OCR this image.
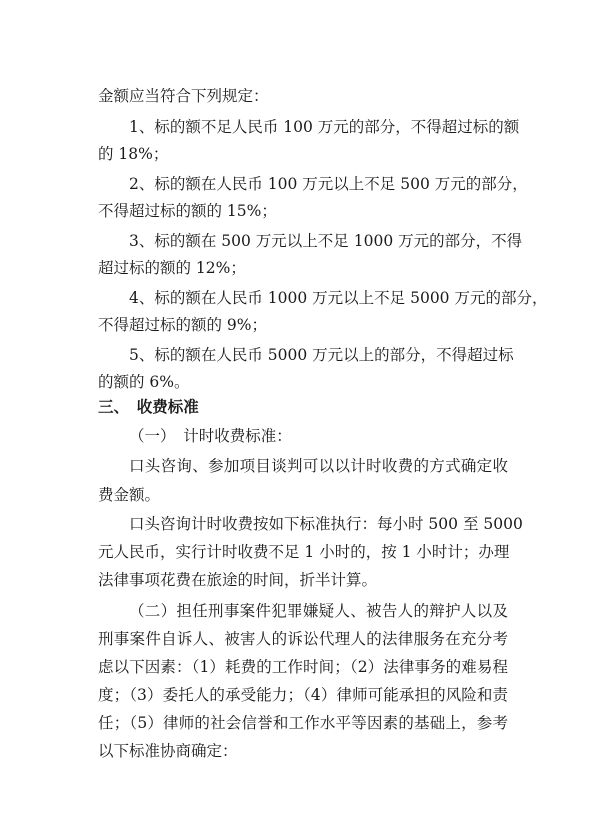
金额应当符合下列规定：
1、标的额不足人民币 100 万元的部分，不得超过标的额
的 18%；
2、标的额在人民币 100 万元以上不足 500 万元的部分，
不得超过标的额的 15%；
3、标的额在 500 万元以上不足 1000 万元的部分，不得
超过标的额的 12%；
4、标的额在人民币 1000 万元以上不足 5000 万元的部分，
不得超过标的额的 9%；
5、标的额在人民币 5000 万元以上的部分，不得超过标
的额的 6%。
三、　收费标准
（一）　计时收费标准：
口头咨询、参加项目谈判可以以计时收费的方式确定收
费金额。
口头咨询计时收费按如下标准执行：每小时 500 至 5000
元人民币，实行计时收费不足 1 小时的，按 1 小时计；办理
法律事项花费在旅途的时间，折半计算。
（二）担任刑事案件犯罪嫌疑人、被告人的辩护人以及
刑事案件自诉人、被害人的诉讼代理人的法律服务在充分考
虑以下因素：（1）耗费的工作时间；（2）法律事务的难易程
度；（3）委托人的承受能力；（4）律师可能承担的风险和责
任；（5）律师的社会信誉和工作水平等因素的基础上，参考
以下标准协商确定：
